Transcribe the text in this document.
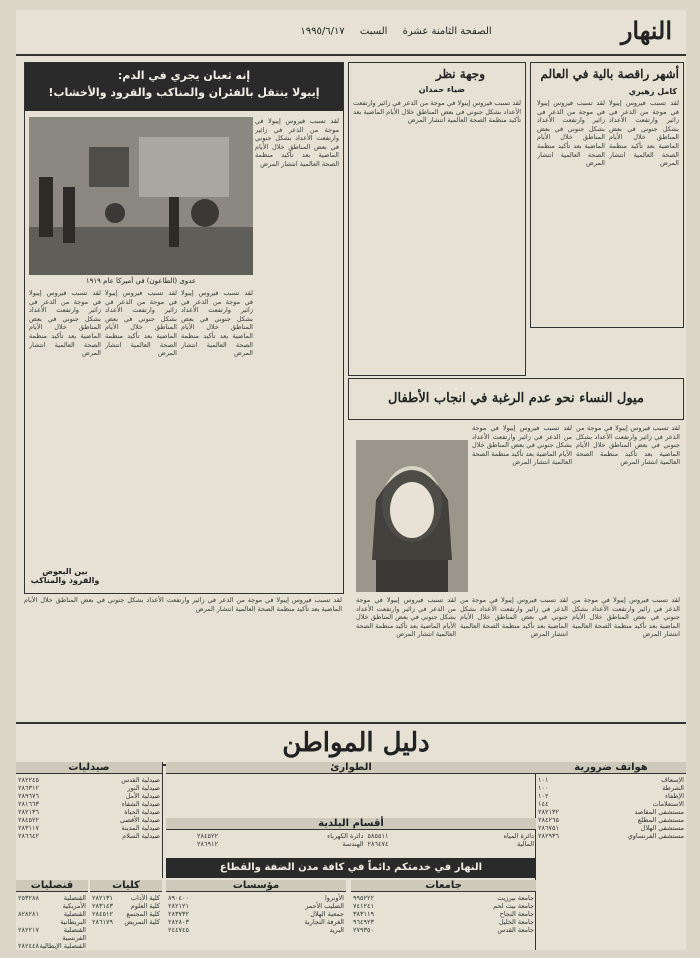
النهار
الصفحة الثامنة عشرة السبت ١٩٩٥/٦/١٧
أشهر راقصة بالية في العالم
كامل زهيري
لقد تسبب فيروس إيبولا في موجة من الذعر في زائير وارتفعت الأعداد بشكل جنوني في بعض المناطق خلال الأيام الماضية بعد تأكيد منظمة الصحة العالمية انتشار المرض
لقد تسبب فيروس إيبولا في موجة من الذعر في زائير وارتفعت الأعداد بشكل جنوني في بعض المناطق خلال الأيام الماضية بعد تأكيد منظمة الصحة العالمية انتشار المرض
وجهة نظر
ضياء حمدان
لقد تسبب فيروس إيبولا في موجة من الذعر في زائير وارتفعت الأعداد بشكل جنوني في بعض المناطق خلال الأيام الماضية بعد تأكيد منظمة الصحة العالمية انتشار المرض
إنه ثعبان يجري في الدم:
إيبولا ينتقل بالفئران والمناكب والقرود والأخشاب!
عدوى (الطاعون) في أميركا عام ١٩١٩
لقد تسبب فيروس إيبولا في موجة من الذعر في زائير وارتفعت الأعداد بشكل جنوني في بعض المناطق خلال الأيام الماضية بعد تأكيد منظمة الصحة العالمية انتشار المرض
لقد تسبب فيروس إيبولا في موجة من الذعر في زائير وارتفعت الأعداد بشكل جنوني في بعض المناطق خلال الأيام الماضية بعد تأكيد منظمة الصحة العالمية انتشار المرض
لقد تسبب فيروس إيبولا في موجة من الذعر في زائير وارتفعت الأعداد بشكل جنوني في بعض المناطق خلال الأيام الماضية بعد تأكيد منظمة الصحة العالمية انتشار المرض
لقد تسبب فيروس إيبولا في موجة من الذعر في زائير وارتفعت الأعداد بشكل جنوني في بعض المناطق خلال الأيام الماضية بعد تأكيد منظمة الصحة العالمية انتشار المرض
بين البعوض والقرود والمناكب
ميول النساء نحو عدم الرغبة في انجاب الأطفال
لقد تسبب فيروس إيبولا في موجة من الذعر في زائير وارتفعت الأعداد بشكل جنوني في بعض المناطق خلال الأيام الماضية بعد تأكيد منظمة الصحة العالمية انتشار المرض
لقد تسبب فيروس إيبولا في موجة من الذعر في زائير وارتفعت الأعداد بشكل جنوني في بعض المناطق خلال الأيام الماضية بعد تأكيد منظمة الصحة العالمية انتشار المرض
لقد تسبب فيروس إيبولا في موجة من الذعر في زائير وارتفعت الأعداد بشكل جنوني في بعض المناطق خلال الأيام الماضية بعد تأكيد منظمة الصحة العالمية انتشار المرض
لقد تسبب فيروس إيبولا في موجة من الذعر في زائير وارتفعت الأعداد بشكل جنوني في بعض المناطق خلال الأيام الماضية بعد تأكيد منظمة الصحة العالمية انتشار المرض
لقد تسبب فيروس إيبولا في موجة من الذعر في زائير وارتفعت الأعداد بشكل جنوني في بعض المناطق خلال الأيام الماضية بعد تأكيد منظمة الصحة العالمية انتشار المرض
لقد تسبب فيروس إيبولا في موجة من الذعر في زائير وارتفعت الأعداد بشكل جنوني في بعض المناطق خلال الأيام الماضية بعد تأكيد منظمة الصحة العالمية انتشار المرض
دليل المواطن
هواتف ضرورية
الإسعاف
١٠١
الشرطة
١٠٠
الإطفاء
١٠٢
الاستعلامات
١٤٤
مستشفى المقاصد
٢٨٢١٣٢
مستشفى المطلع
٢٨٤٢٦٥
مستشفى الهلال
٢٨٦٧٥١
مستشفى الفرنساوي
٢٨٢٩٣٦
الطوارئ
أقسام البلدية
دائرة المياه
٥٨٥٥١١
دائرة الكهرباء
٢٨٤٥٢٢
المالية
٢٨٦٤٧٤
الهندسة
٢٨٦٩١٢
النهار في خدمتكم دائماً في كافة مدن الضفة والقطاع
جامعات
جامعة بيرزيت
٩٩٥٢٢٢
جامعة بيت لحم
٧٤١٢٤١
جامعة النجاح
٣٨٣١١٩
جامعة الخليل
٩٦٤٩٢٣
جامعة القدس
٢٧٩٣٥٠
مؤسسات
الأونروا
٨٩٠٤٠٠
الصليب الأحمر
٢٨٢١٢١
جمعية الهلال
٢٨٣٧٣٢
الغرفة التجارية
٢٨٢٨٠٣
البريد
٢٤٤٧٤٥
صيدليات
صيدلية القدس
٢٨٢٢٤٥
صيدلية النور
٢٨٦٣١٢
صيدلية الأمل
٢٨٩٦٧٦
صيدلية الشفاء
٢٨١٦٦٣
صيدلية الحياة
٢٨٢١٣٦
صيدلية الأقصى
٢٨٤٥٢٢
صيدلية المدينة
٢٨٣١١٧
صيدلية السلام
٢٨٦٦٤٢
كليات
كلية الآداب
٢٨٢١٣١
كلية العلوم
٢٨٣١٤٣
كلية المجتمع
٢٨٤٥١٢
كلية التمريض
٢٨٦١٧٩
قنصليات
القنصلية الأمريكية
٢٥٣٢٨٨
القنصلية البريطانية
٨٢٨٢٨١
القنصلية الفرنسية
٢٨٢٢١٧
القنصلية الإيطالية
٢٨٢٤٤٨
